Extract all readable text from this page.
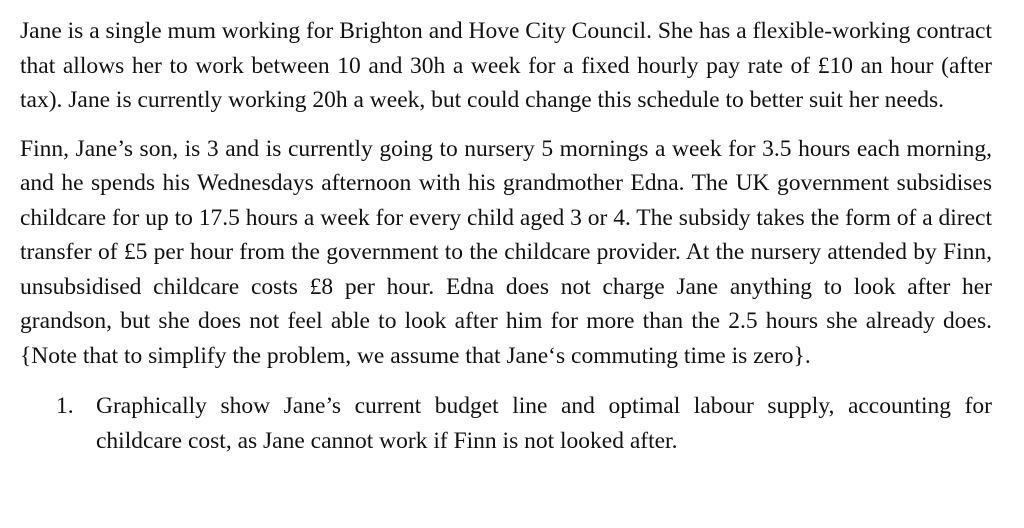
Jane is a single mum working for Brighton and Hove City Council. She has a flexible-working contract that allows her to work between 10 and 30h a week for a fixed hourly pay rate of £10 an hour (after tax). Jane is currently working 20h a week, but could change this schedule to better suit her needs.

Finn, Jane’s son, is 3 and is currently going to nursery 5 mornings a week for 3.5 hours each morning, and he spends his Wednesdays afternoon with his grandmother Edna. The UK government subsidises childcare for up to 17.5 hours a week for every child aged 3 or 4. The subsidy takes the form of a direct transfer of £5 per hour from the government to the childcare provider. At the nursery attended by Finn, unsubsidised childcare costs £8 per hour. Edna does not charge Jane anything to look after her grandson, but she does not feel able to look after him for more than the 2.5 hours she already does. {Note that to simplify the problem, we assume that Jane‘s commuting time is zero}.

1. Graphically show Jane’s current budget line and optimal labour supply, accounting for childcare cost, as Jane cannot work if Finn is not looked after.
